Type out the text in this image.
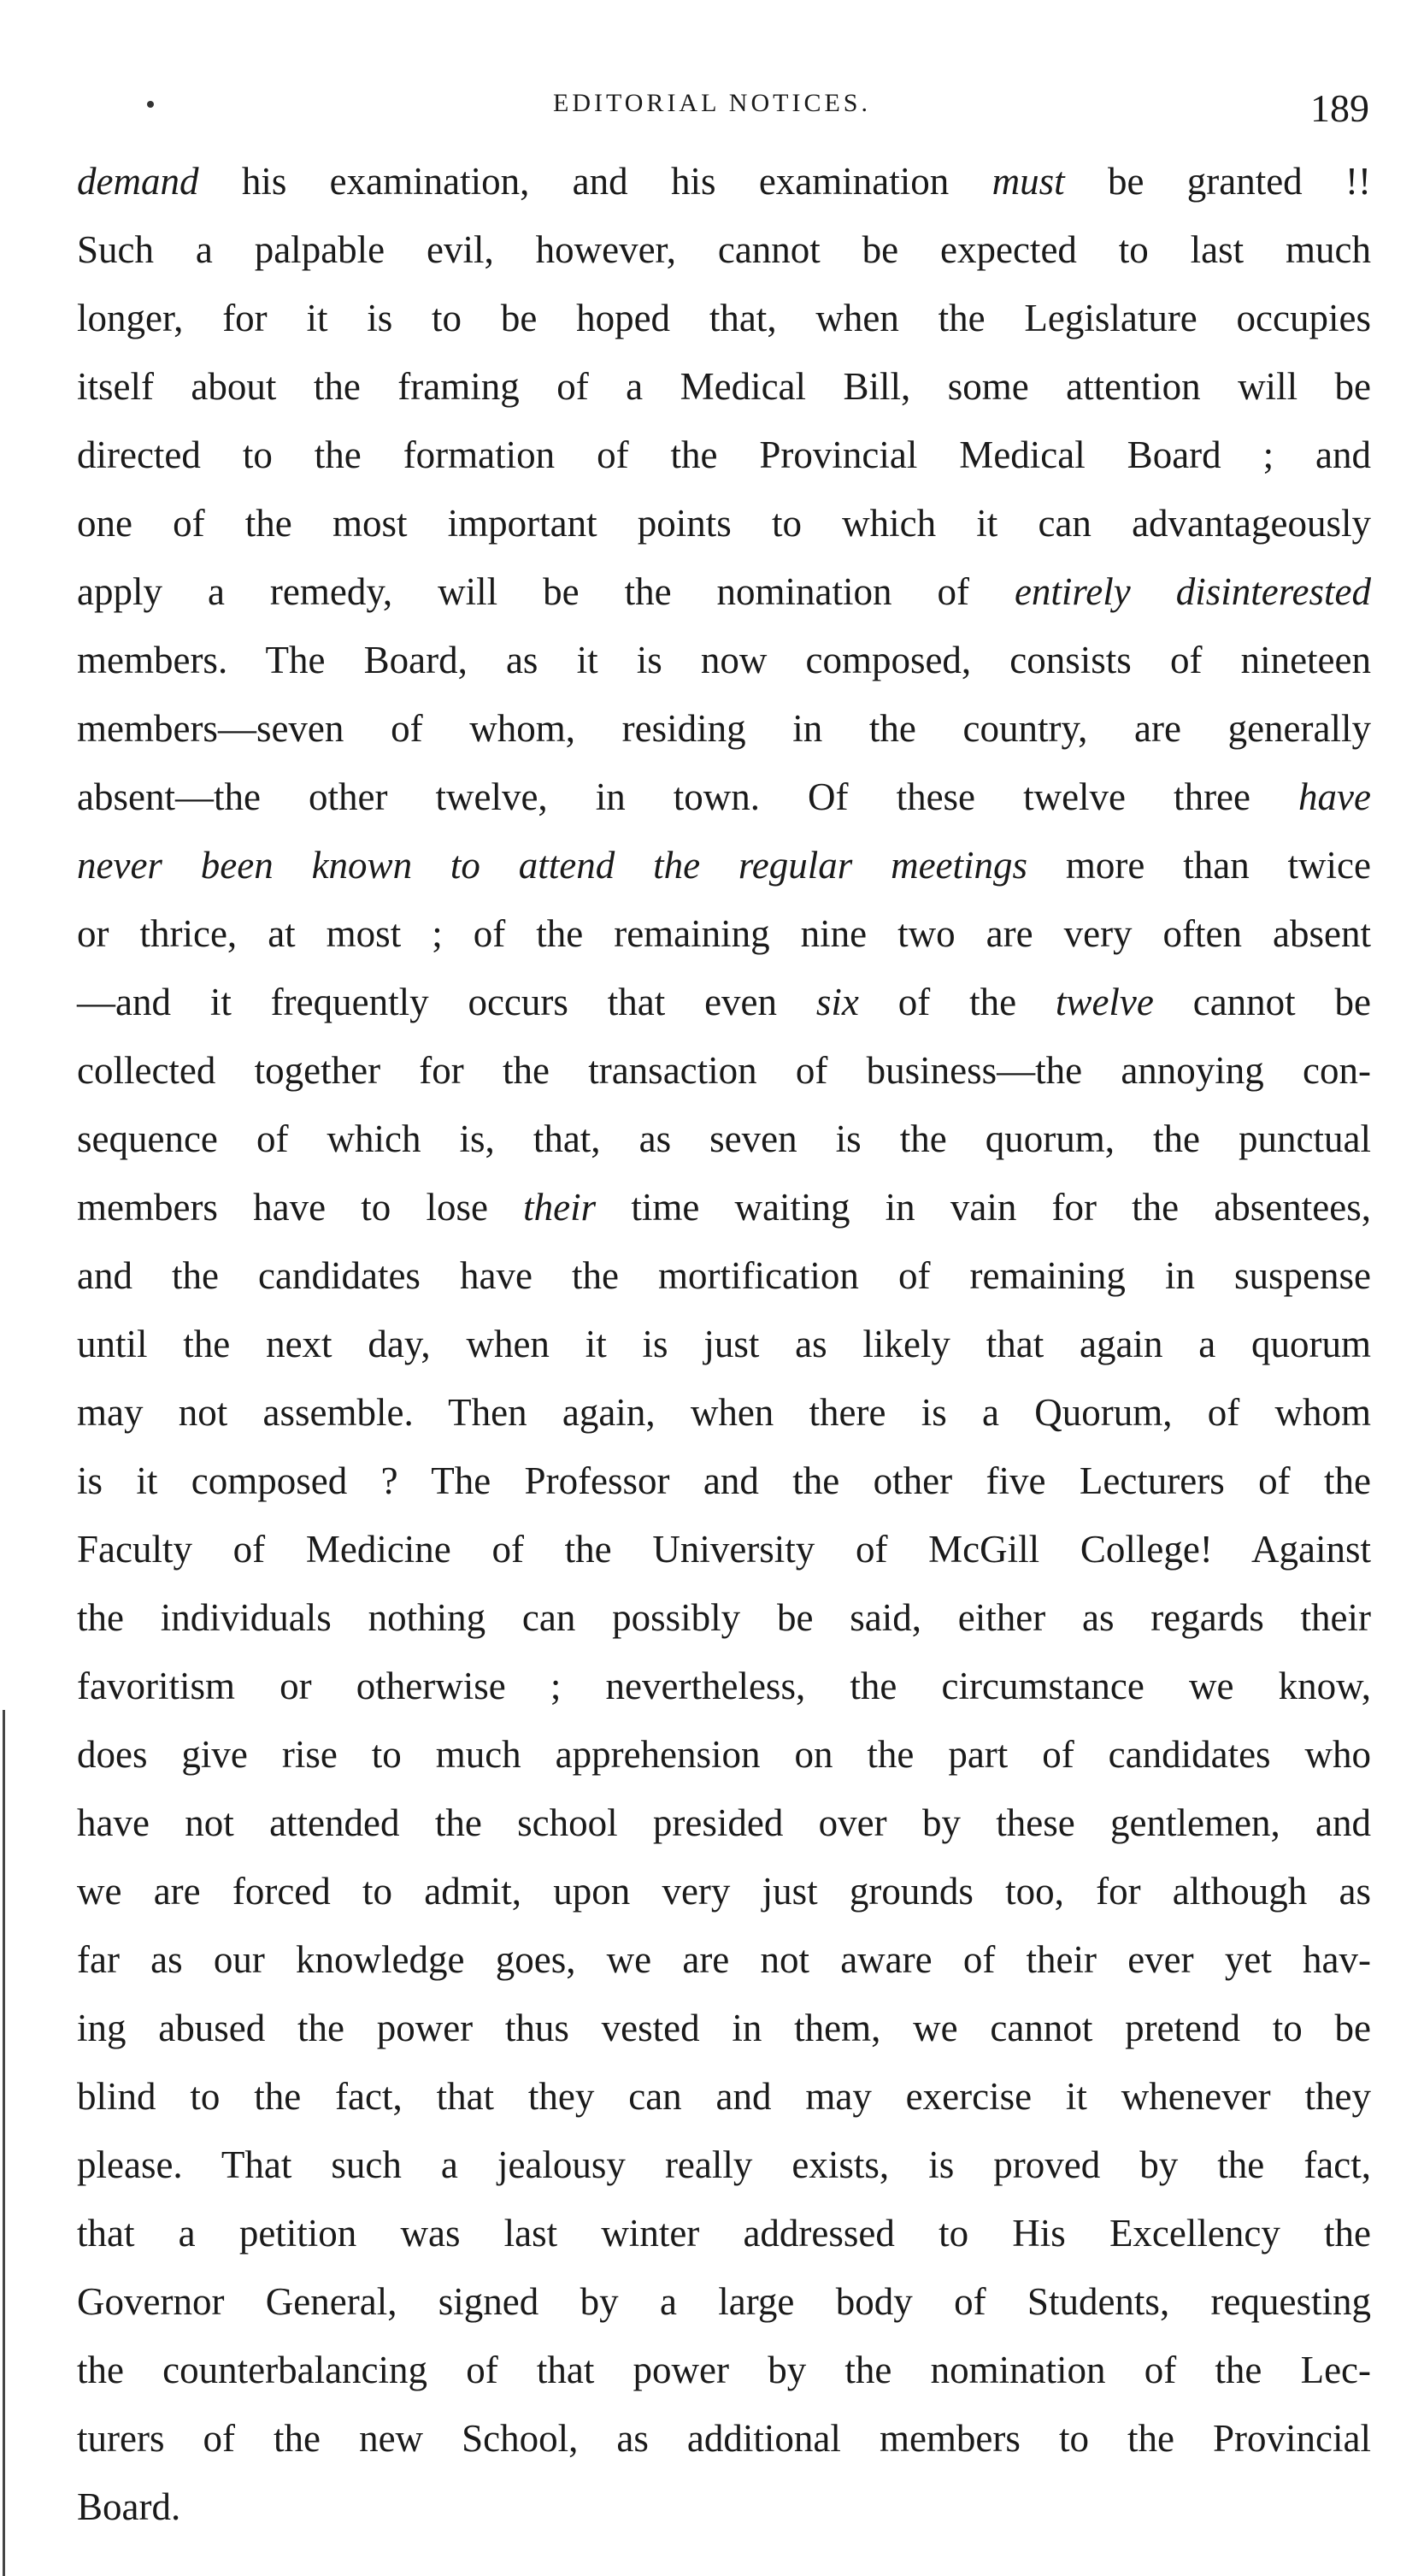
EDITORIAL NOTICES.	189
demand his examination, and his examination must be granted !!
Such a palpable evil, however, cannot be expected to last much
longer, for it is to be hoped that, when the Legislature occupies
itself about the framing of a Medical Bill, some attention will be
directed to the formation of the Provincial Medical Board ; and
one of the most important points to which it can advantageously
apply a remedy, will be the nomination of entirely disinterested
members. The Board, as it is now composed, consists of nineteen
members—seven of whom, residing in the country, are generally
absent—the other twelve, in town. Of these twelve three have
never been known to attend the regular meetings more than twice
or thrice, at most ; of the remaining nine two are very often absent
—and it frequently occurs that even six of the twelve cannot be
collected together for the transaction of business—the annoying con-
sequence of which is, that, as seven is the quorum, the punctual
members have to lose their time waiting in vain for the absentees,
and the candidates have the mortification of remaining in suspense
until the next day, when it is just as likely that again a quorum
may not assemble. Then again, when there is a Quorum, of whom
is it composed ? The Professor and the other five Lecturers of the
Faculty of Medicine of the University of McGill College! Against
the individuals nothing can possibly be said, either as regards their
favoritism or otherwise ; nevertheless, the circumstance we know,
does give rise to much apprehension on the part of candidates who
have not attended the school presided over by these gentlemen, and
we are forced to admit, upon very just grounds too, for although as
far as our knowledge goes, we are not aware of their ever yet hav-
ing abused the power thus vested in them, we cannot pretend to be
blind to the fact, that they can and may exercise it whenever they
please. That such a jealousy really exists, is proved by the fact,
that a petition was last winter addressed to His Excellency the
Governor General, signed by a large body of Students, requesting
the counterbalancing of that power by the nomination of the Lec-
turers of the new School, as additional members to the Provincial
Board.
